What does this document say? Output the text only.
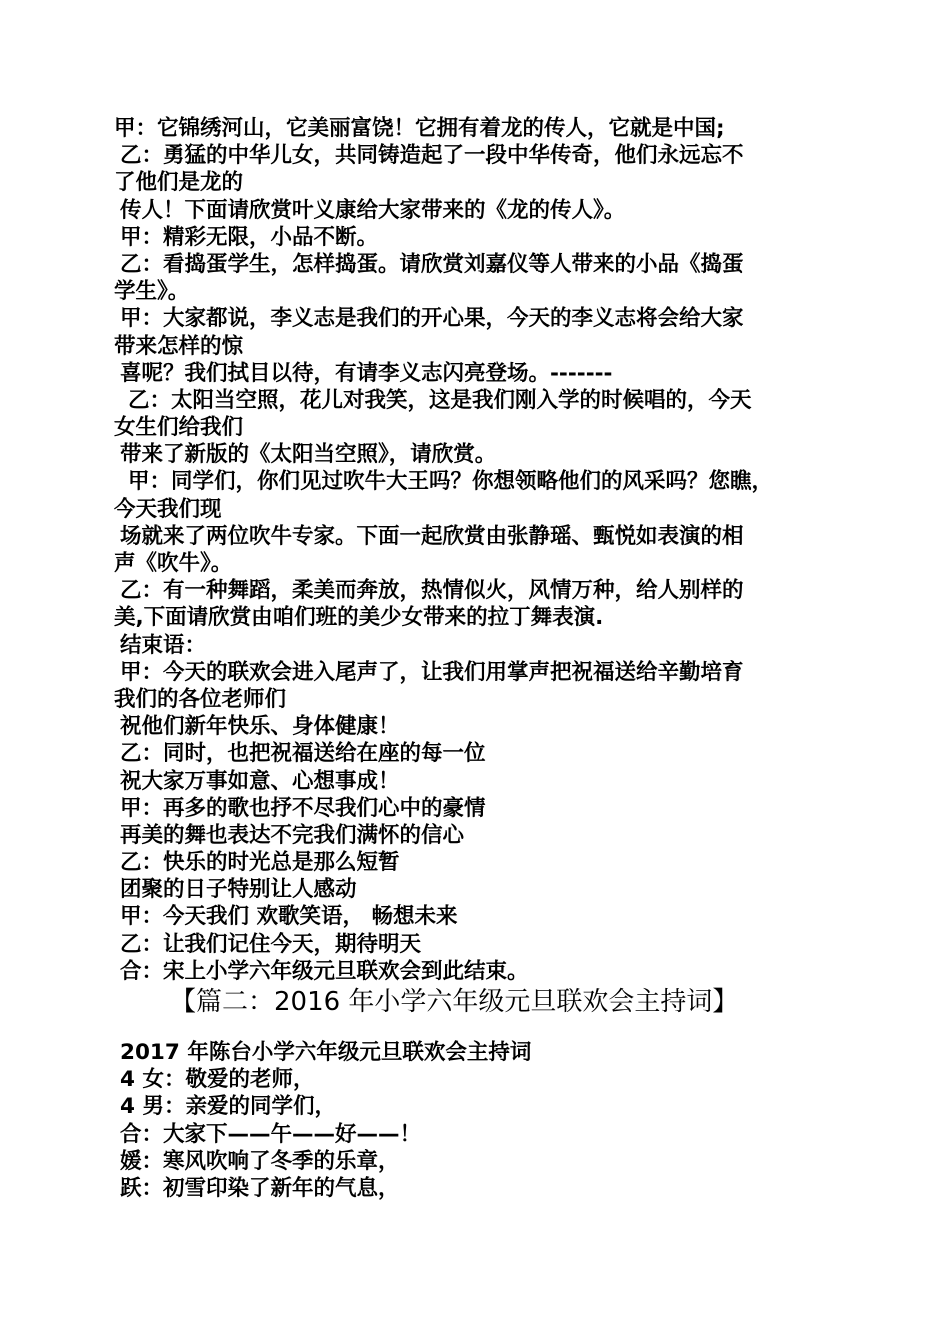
甲：它锦绣河山，它美丽富饶！它拥有着龙的传人，它就是中国;
乙：勇猛的中华儿女，共同铸造起了一段中华传奇，他们永远忘不
了他们是龙的
传人！下面请欣赏叶义康给大家带来的《龙的传人》。
甲：精彩无限，小品不断。
乙：看捣蛋学生，怎样捣蛋。请欣赏刘嘉仪等人带来的小品《捣蛋
学生》。
甲：大家都说，李义志是我们的开心果，今天的李义志将会给大家
带来怎样的惊
喜呢？我们拭目以待，有请李义志闪亮登场。-------
乙：太阳当空照，花儿对我笑，这是我们刚入学的时候唱的，今天
女生们给我们
带来了新版的《太阳当空照》，请欣赏。
甲：同学们，你们见过吹牛大王吗？你想领略他们的风采吗？您瞧，
今天我们现
场就来了两位吹牛专家。下面一起欣赏由张静瑶、甄悦如表演的相
声《吹牛》。
乙：有一种舞蹈，柔美而奔放，热情似火，风情万种，给人别样的
美,下面请欣赏由咱们班的美少女带来的拉丁舞表演.
结束语：
甲：今天的联欢会进入尾声了，让我们用掌声把祝福送给辛勤培育
我们的各位老师们
祝他们新年快乐、身体健康！
乙：同时，也把祝福送给在座的每一位
祝大家万事如意、心想事成！
甲：再多的歌也抒不尽我们心中的豪情
再美的舞也表达不完我们满怀的信心
乙：快乐的时光总是那么短暂
团聚的日子特别让人感动
甲：今天我们 欢歌笑语， 畅想未来
乙：让我们记住今天，期待明天
合：宋上小学六年级元旦联欢会到此结束。
【篇二：2016 年小学六年级元旦联欢会主持词】
2017 年陈台小学六年级元旦联欢会主持词
4 女：敬爱的老师，
4 男：亲爱的同学们，
合：大家下——午——好——！
媛：寒风吹响了冬季的乐章，
跃：初雪印染了新年的气息，
